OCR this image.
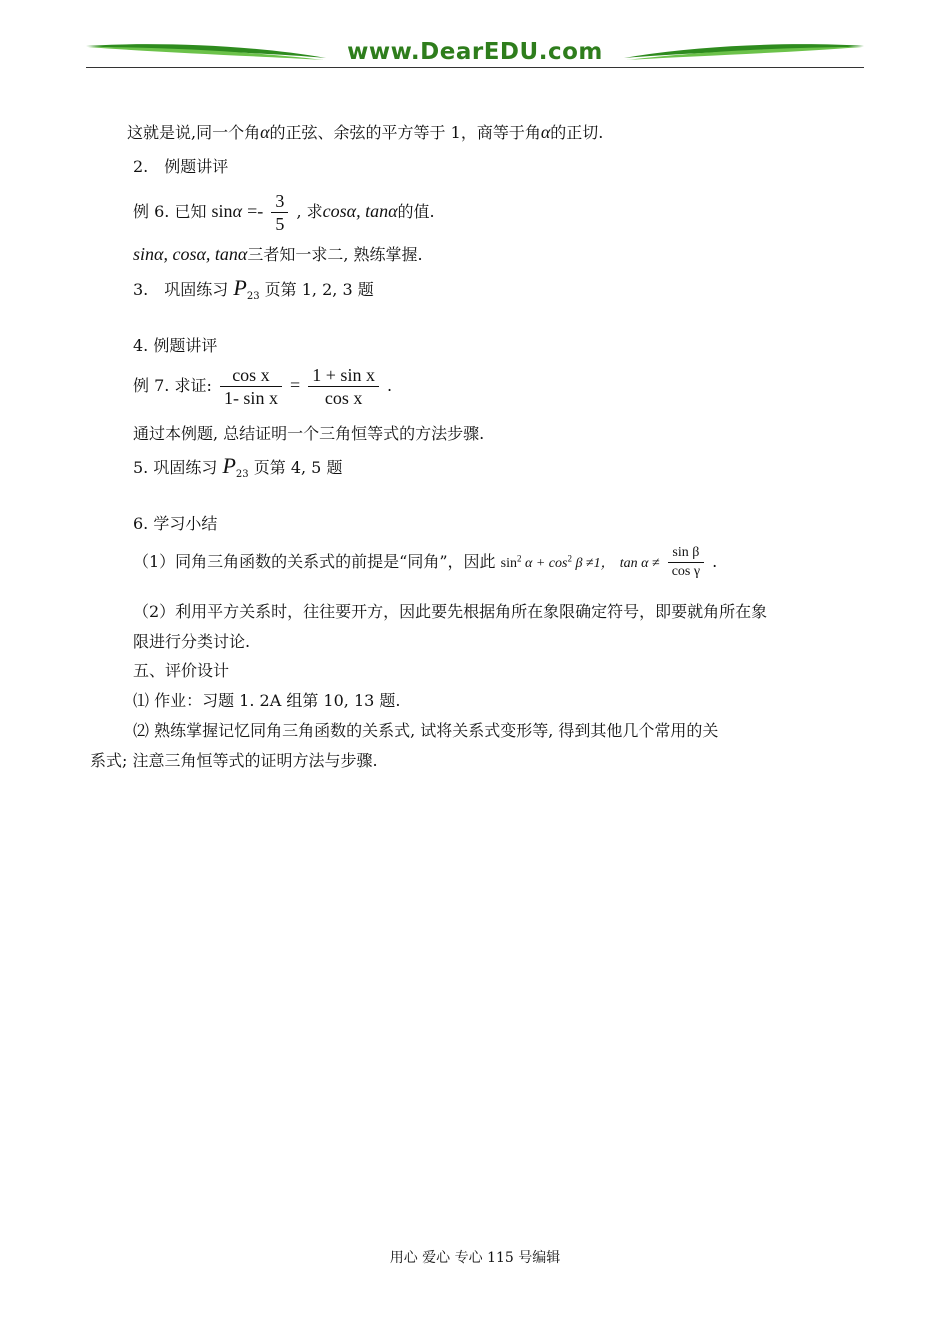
www.DearEDU.com
这就是说,同一个角α的正弦、余弦的平方等于 1，商等于角α的正切.
2.　例题讲评
例 6. 已知 $\sin\alpha =- \frac{3}{5}$ , 求cosα, tanα的值.
sinα, cosα, tanα三者知一求二, 熟练掌握.
3.　巩固练习 $P_{23}$ 页第 1, 2, 3 题
4. 例题讲评
例 7. 求证: $\frac{\text{cos x}}{\text{1- sin x}} = \frac{\text{1 + sin x}}{\text{cos x}}$ .
通过本例题, 总结证明一个三角恒等式的方法步骤.
5. 巩固练习 $P_{23}$ 页第 4, 5 题
6. 学习小结
（1）同角三角函数的关系式的前提是“同角”，因此 $\sin^2 \alpha + \cos^2 \beta \ne 1$， $\tan \alpha \ne \frac{\text{sin β}}{\text{cos γ}}$ .
（2）利用平方关系时，往往要开方，因此要先根据角所在象限确定符号，即要就角所在象
限进行分类讨论.
五、评价设计
⑴ 作业：习题 1. 2A 组第 10, 13 题.
⑵ 熟练掌握记忆同角三角函数的关系式, 试将关系式变形等, 得到其他几个常用的关
系式; 注意三角恒等式的证明方法与步骤.
用心 爱心 专心 115 号编辑
